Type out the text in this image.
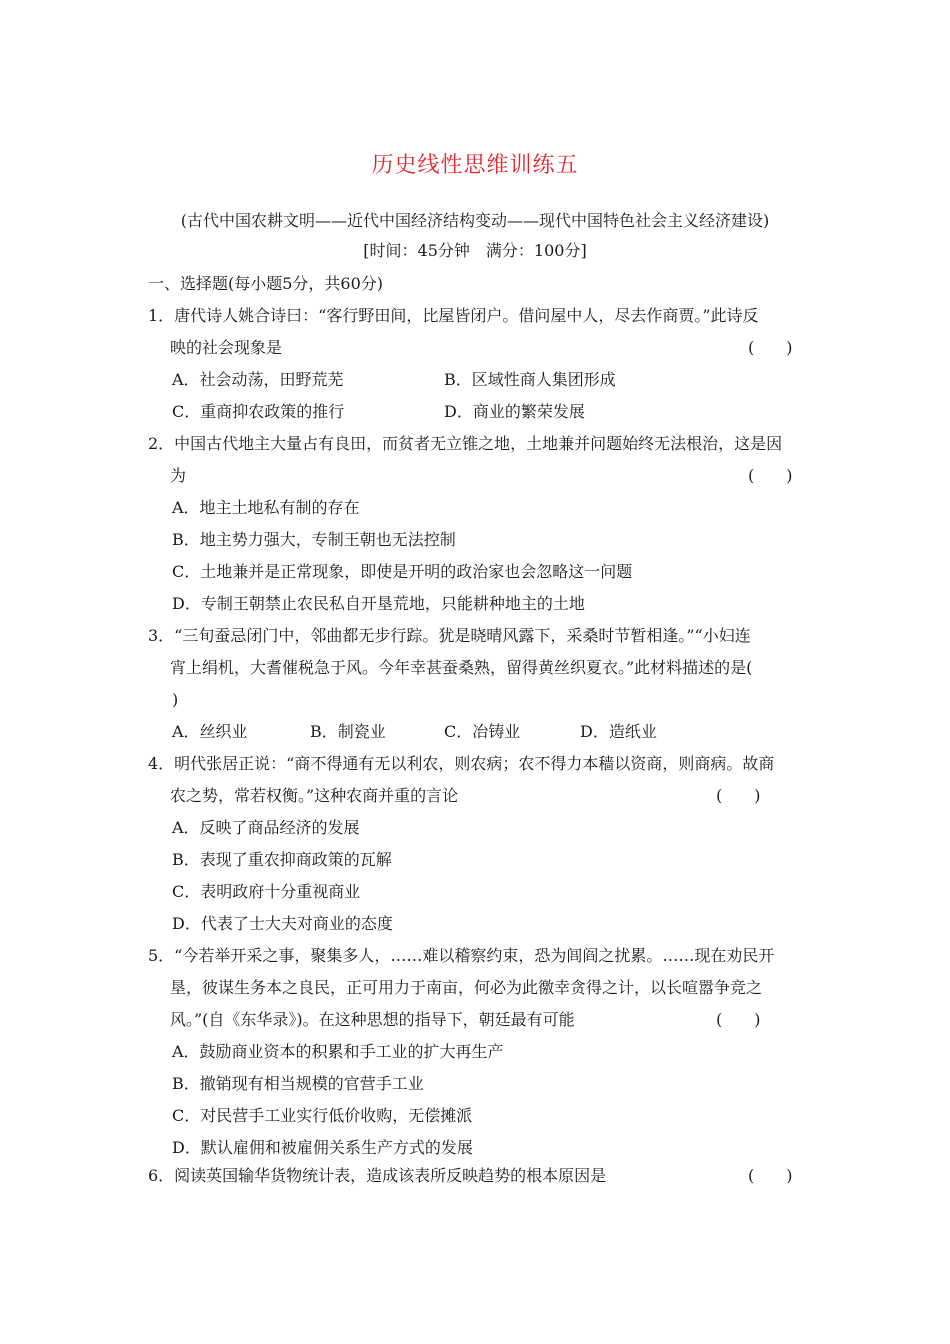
历史线性思维训练五
(古代中国农耕文明——近代中国经济结构变动——现代中国特色社会主义经济建设)
[时间：45分钟　满分：100分]
一、选择题(每小题5分，共60分)
1．唐代诗人姚合诗曰：“客行野田间，比屋皆闭户。借问屋中人，尽去作商贾。”此诗反
映的社会现象是	(　　)
A．社会动荡，田野荒芜	B．区域性商人集团形成
C．重商抑农政策的推行	D．商业的繁荣发展
2．中国古代地主大量占有良田，而贫者无立锥之地，土地兼并问题始终无法根治，这是因
为	(　　)
A．地主土地私有制的存在
B．地主势力强大，专制王朝也无法控制
C．土地兼并是正常现象，即使是开明的政治家也会忽略这一问题
D．专制王朝禁止农民私自开垦荒地，只能耕种地主的土地
3．“三旬蚕忌闭门中，邻曲都无步行踪。犹是晓晴风露下，采桑时节暂相逢。”“小妇连
宵上绢机，大耆催税急于风。今年幸甚蚕桑熟，留得黄丝织夏衣。”此材料描述的是(
)
A．丝织业	B．制瓷业	C．冶铸业	D．造纸业
4．明代张居正说：“商不得通有无以利农，则农病；农不得力本穑以资商，则商病。故商
农之势，常若权衡。”这种农商并重的言论	(　　)
A．反映了商品经济的发展
B．表现了重农抑商政策的瓦解
C．表明政府十分重视商业
D．代表了士大夫对商业的态度
5．“今若举开采之事，聚集多人，……难以稽察约束，恐为闾阎之扰累。……现在劝民开
垦，彼谋生务本之良民，正可用力于南亩，何必为此徼幸贪得之计，以长喧嚣争竞之
风。”(自《东华录》)。在这种思想的指导下，朝廷最有可能	(　　)
A．鼓励商业资本的积累和手工业的扩大再生产
B．撤销现有相当规模的官营手工业
C．对民营手工业实行低价收购，无偿摊派
D．默认雇佣和被雇佣关系生产方式的发展
6．阅读英国输华货物统计表，造成该表所反映趋势的根本原因是	(　　)
